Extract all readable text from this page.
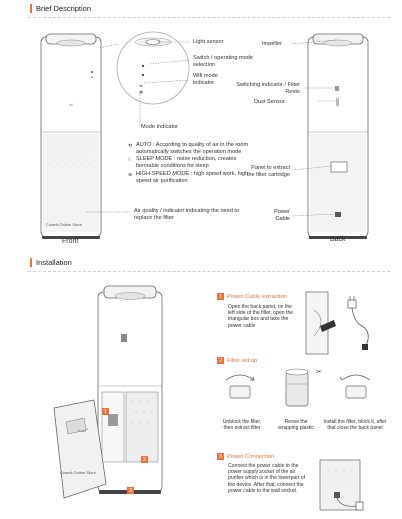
Brief Description
mi
Cosmit Online Store
◡
✲
Light sensor
Switch / operating mode selection
Wifi mode indicator
Mode Indicator
⟲ AUTO : According to quality of air in the room automatically switches the operation mode
☾ SLEEP MODE : noise reduction, creates favorable conditions for sleep
≋ HIGH-SPEED MODE : high speed work, high speed air purification
Air quality / indicator indicating the need to replace the filter
Front
Impeller
Switching indicator / Filter Reste
Dust Sensor
Panel to extract the filter cartridge
Power Cable
Back
Installation
Cosmit Online Store
1
2
3
1 Power Cable extraction
Open the back panel, on the left side of the filter, open the triangular box and take the power cable
2 Filter set up
✂
Unblock the filter, then extract filter
Reove the wrapping plastic
Install the filter, block it, after that close the back panel
3 Power Connection
Connect the power cable to the power supply socket of the air purifier which is in the lowerpart of the device. After that, connect the power cable to the wall socket.
